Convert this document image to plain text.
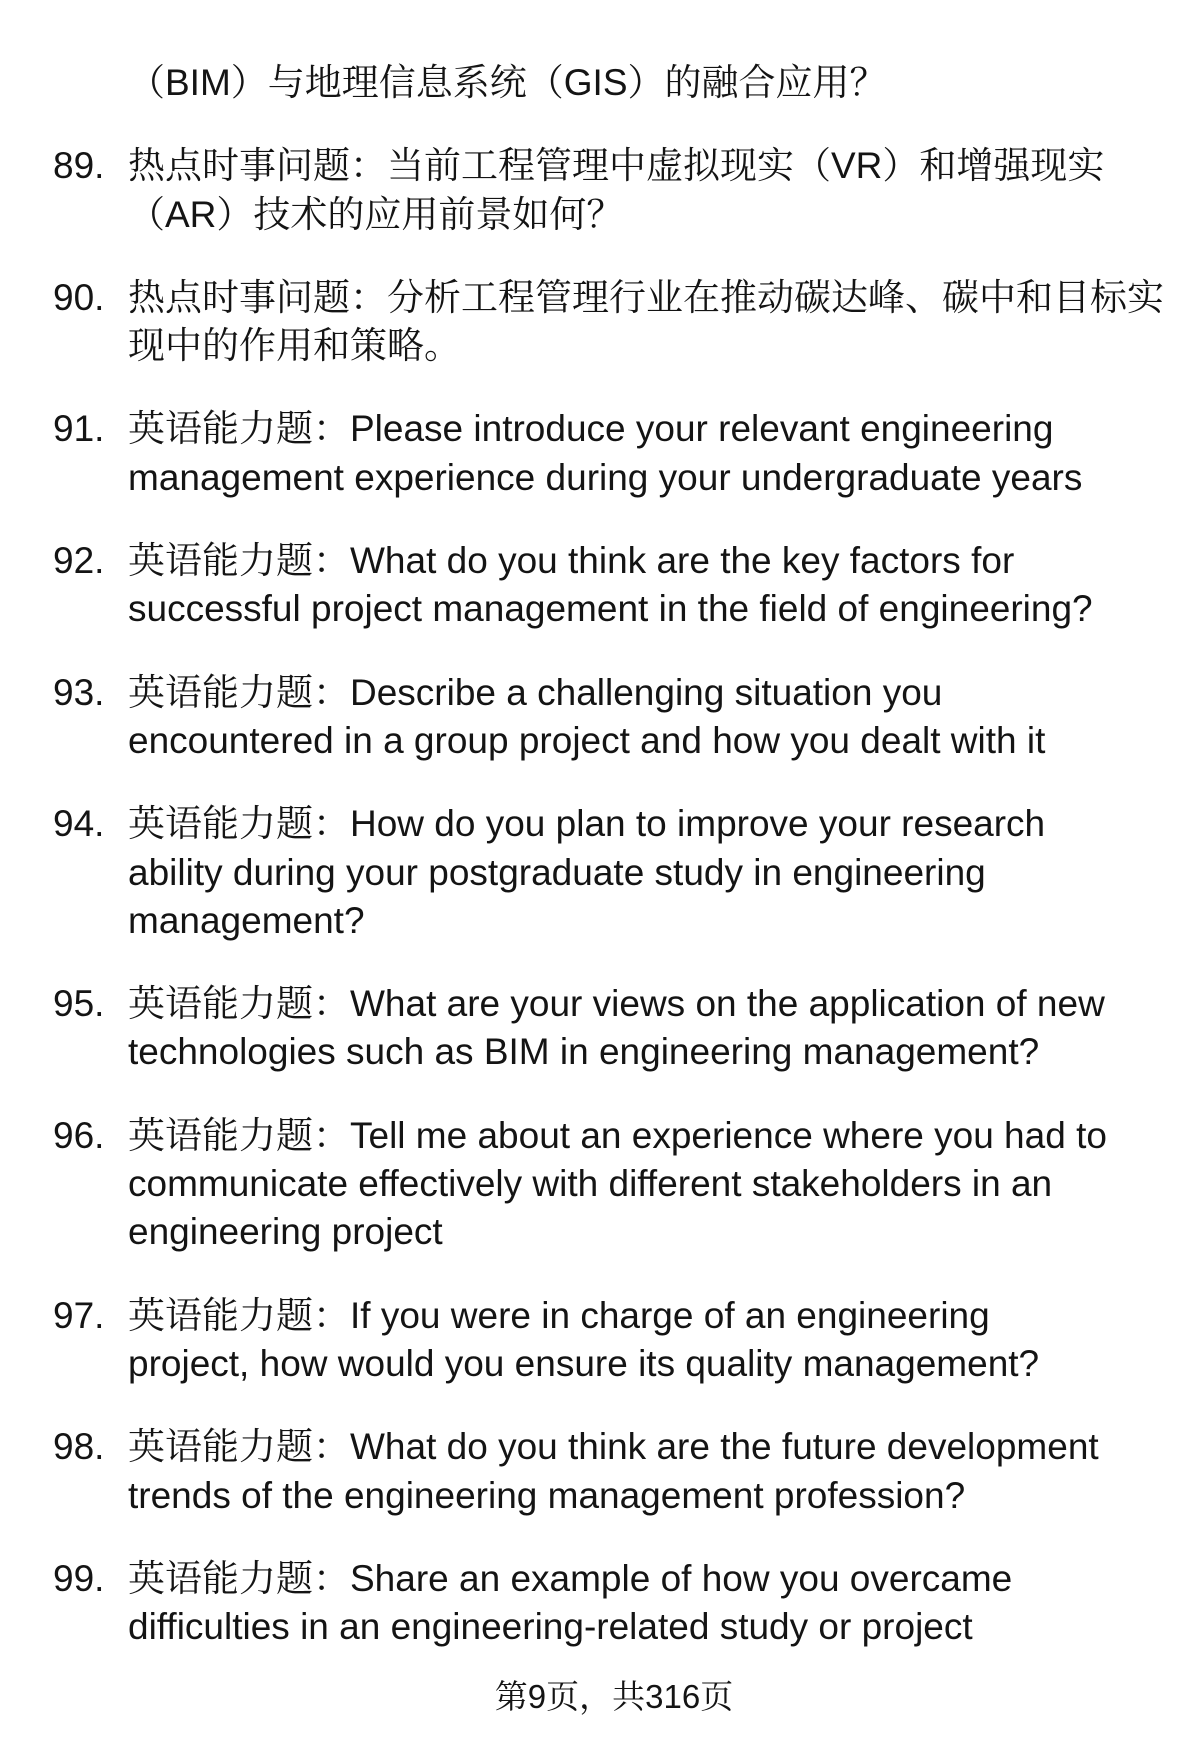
（BIM）与地理信息系统（GIS）的融合应用？
89. 热点时事问题：当前工程管理中虚拟现实（VR）和增强现实
（AR）技术的应用前景如何？
90. 热点时事问题：分析工程管理行业在推动碳达峰、碳中和目标实
现中的作用和策略。
91. 英语能力题：Please introduce your relevant engineering
management experience during your undergraduate years
92. 英语能力题：What do you think are the key factors for
successful project management in the field of engineering?
93. 英语能力题：Describe a challenging situation you
encountered in a group project and how you dealt with it
94. 英语能力题：How do you plan to improve your research
ability during your postgraduate study in engineering
management?
95. 英语能力题：What are your views on the application of new
technologies such as BIM in engineering management?
96. 英语能力题：Tell me about an experience where you had to
communicate effectively with different stakeholders in an
engineering project
97. 英语能力题：If you were in charge of an engineering
project, how would you ensure its quality management?
98. 英语能力题：What do you think are the future development
trends of the engineering management profession?
99. 英语能力题：Share an example of how you overcame
difficulties in an engineering-related study or project
第9页，共316页
